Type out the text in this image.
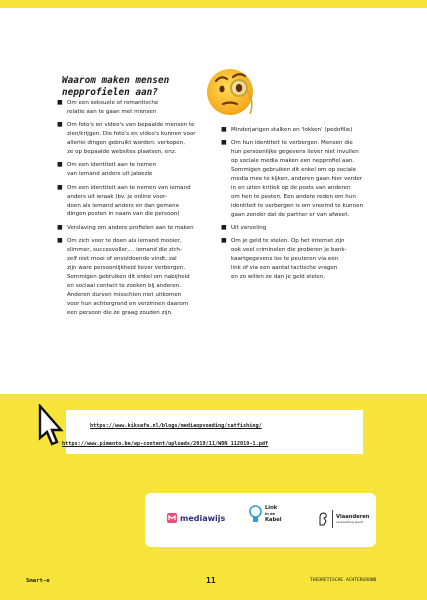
Waarom maken mensen nepprofielen aan?
■ Om een seksuele of romantische
relatie aan te gaan met mensen
■ Om foto's en video's van bepaalde mensen te
zien/krijgen. Die foto's en video's kunnen voor
allerlei dingen gebruikt worden: verkopen,
ze op bepaalde websites plaatsen, enz.
■ Om een identiteit aan te nemen
van iemand anders uit jaloezie
■ Om een identiteit aan te nemen van iemand
anders uit wraak (bv. je online voor-
doen als iemand anders en dan gemene
dingen posten in naam van die persoon)
■ Verslaving om andere profielen aan te maken
■ Om zich voor te doen als iemand mooier,
slimmer, succesvoller,... iemand die zich-
zelf niet mooi of onvoldoende vindt, zal
zijn ware persoonlijkheid liever verbergen.
Sommigen gebruiken dit enkel om nabijheid
en sociaal contact te zoeken bij anderen.
Anderen durven misschien niet uitkomen
voor hun achtergrond en verzinnen daarom
een persoon die ze graag zouden zijn.
■ Minderjarigen stalken en 'lokken' (pedofilie)
■ Om hun identiteit te verbergen. Mensen die
hun persoonlijke gegevens liever niet invullen
op sociale media maken een nepprofiel aan.
Sommigen gebruiken dit enkel om op sociale
media mee te kijken, anderen gaan hier verder
in en uiten kritiek op de posts van anderen
om hen te pesten. Een andere reden om hun
identiteit te verbergen is om vreemd te kunnen
gaan zonder dat de partner er van afweet.
■ Uit verveling
■ Om je geld te stelen. Op het internet zijn
ook veel criminelen die proberen je bank-
kaartgegevens los te peuteren via een
link of via een aantal tactische vragen
en zo willen ze dan je geld stelen.
https://www.kiksafe.nl/blogs/mediaopvoeding/catfishing/
https://www.pimento.be/wp-content/uploads/2019/11/WON_112019-1.pdf
mediawijs
Link
in de
Kabel	Vlaanderen
verbeelding werkt
Smart-e	11	THEORETISCHE ACHTERGROND
